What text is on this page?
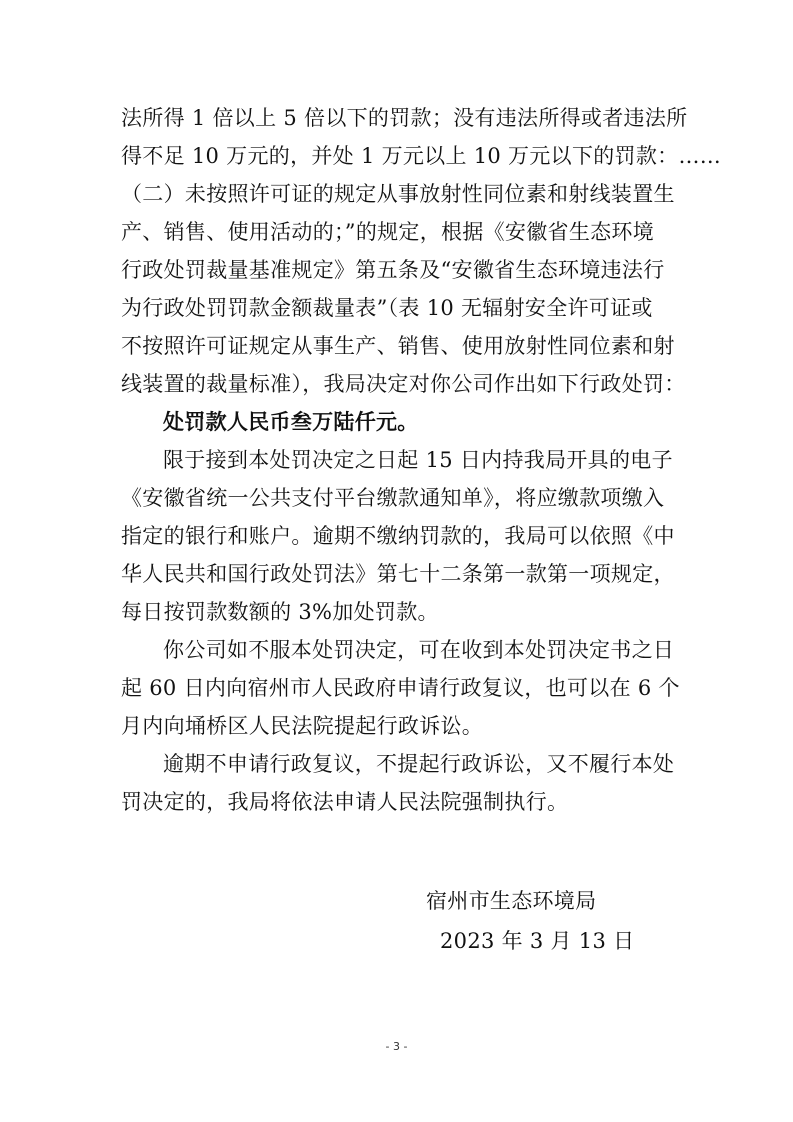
法所得 1 倍以上 5 倍以下的罚款；没有违法所得或者违法所
得不足 10 万元的，并处 1 万元以上 10 万元以下的罚款：……
（二）未按照许可证的规定从事放射性同位素和射线装置生
产、销售、使用活动的；”的规定，根据《安徽省生态环境
行政处罚裁量基准规定》第五条及“安徽省生态环境违法行
为行政处罚罚款金额裁量表”（表 10 无辐射安全许可证或
不按照许可证规定从事生产、销售、使用放射性同位素和射
线装置的裁量标准），我局决定对你公司作出如下行政处罚：
处罚款人民币叁万陆仟元。
限于接到本处罚决定之日起 15 日内持我局开具的电子
《安徽省统一公共支付平台缴款通知单》，将应缴款项缴入
指定的银行和账户。逾期不缴纳罚款的，我局可以依照《中
华人民共和国行政处罚法》第七十二条第一款第一项规定，
每日按罚款数额的 3%加处罚款。
你公司如不服本处罚决定，可在收到本处罚决定书之日
起 60 日内向宿州市人民政府申请行政复议，也可以在 6 个
月内向埇桥区人民法院提起行政诉讼。
逾期不申请行政复议，不提起行政诉讼，又不履行本处
罚决定的，我局将依法申请人民法院强制执行。
宿州市生态环境局
2023 年 3 月 13 日
- 3 -
